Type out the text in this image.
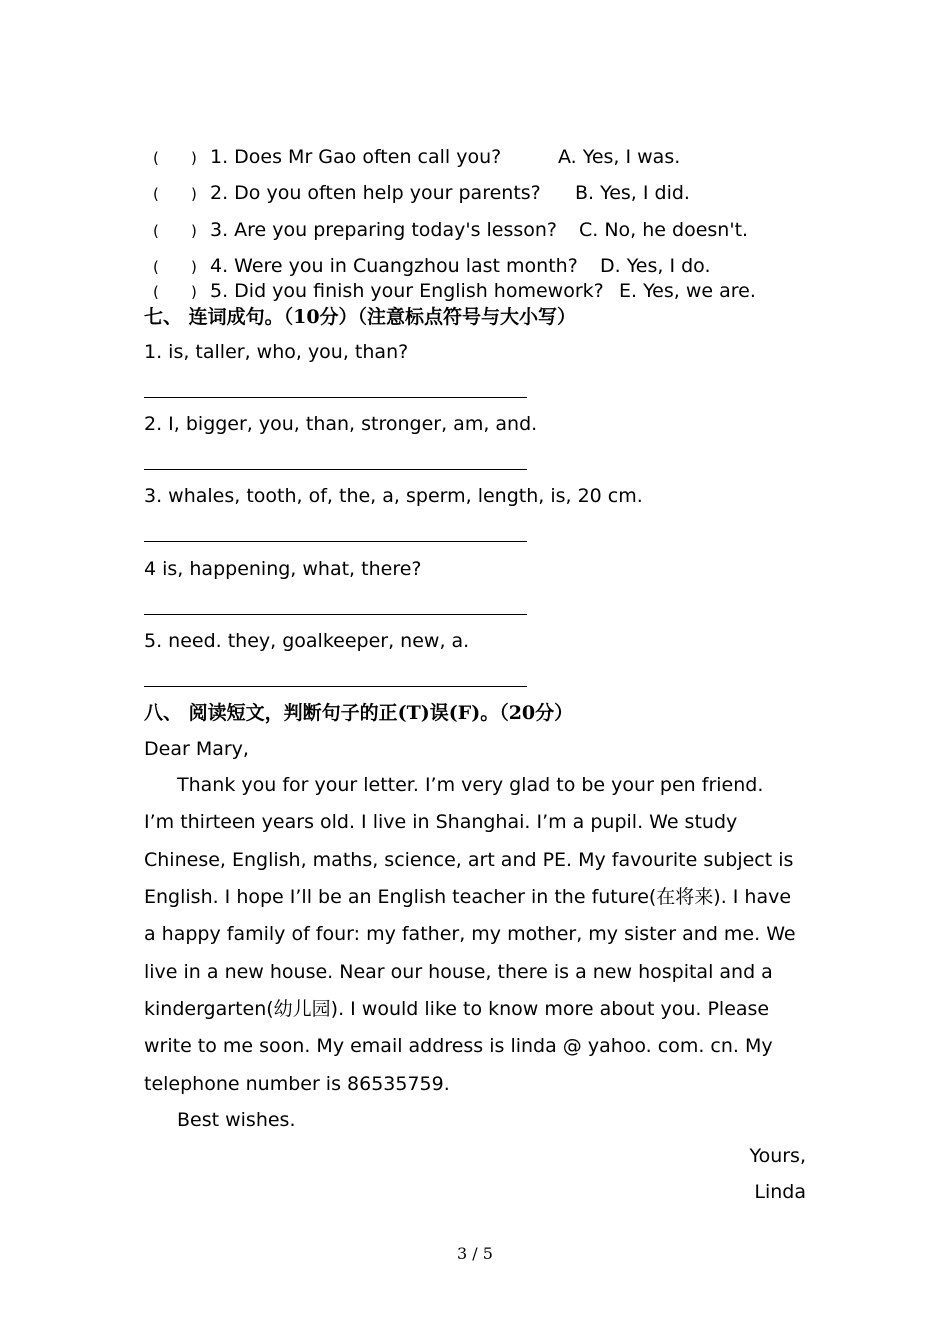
( ) 1. Does Mr Gao often call you?	A. Yes, I was.
( ) 2. Do you often help your parents? B. Yes, I did.
( ) 3. Are you preparing today's lesson? C. No, he doesn't.
( ) 4. Were you in Cuangzhou last month? D. Yes, I do.
( ) 5. Did you finish your English homework? E. Yes, we are.
七、 连词成句。（10分）（注意标点符号与大小写）
1. is, taller, who, you, than?
2. I, bigger, you, than, stronger, am, and.
3. whales, tooth, of, the, a, sperm, length, is, 20 cm.
4 is, happening, what, there?
5. need. they, goalkeeper, new, a.
八、 阅读短文，判断句子的正(T)误(F)。（20分）
Dear Mary,
Thank you for your letter. I’m very glad to be your pen friend.
I’m thirteen years old. I live in Shanghai. I’m a pupil. We study
Chinese, English, maths, science, art and PE. My favourite subject is
English. I hope I’ll be an English teacher in the future(在将来). I have
a happy family of four: my father, my mother, my sister and me. We
live in a new house. Near our house, there is a new hospital and a
kindergarten(幼儿园). I would like to know more about you. Please
write to me soon. My email address is linda @ yahoo. com. cn. My
telephone number is 86535759.
Best wishes.
Yours,
Linda
3 / 5
